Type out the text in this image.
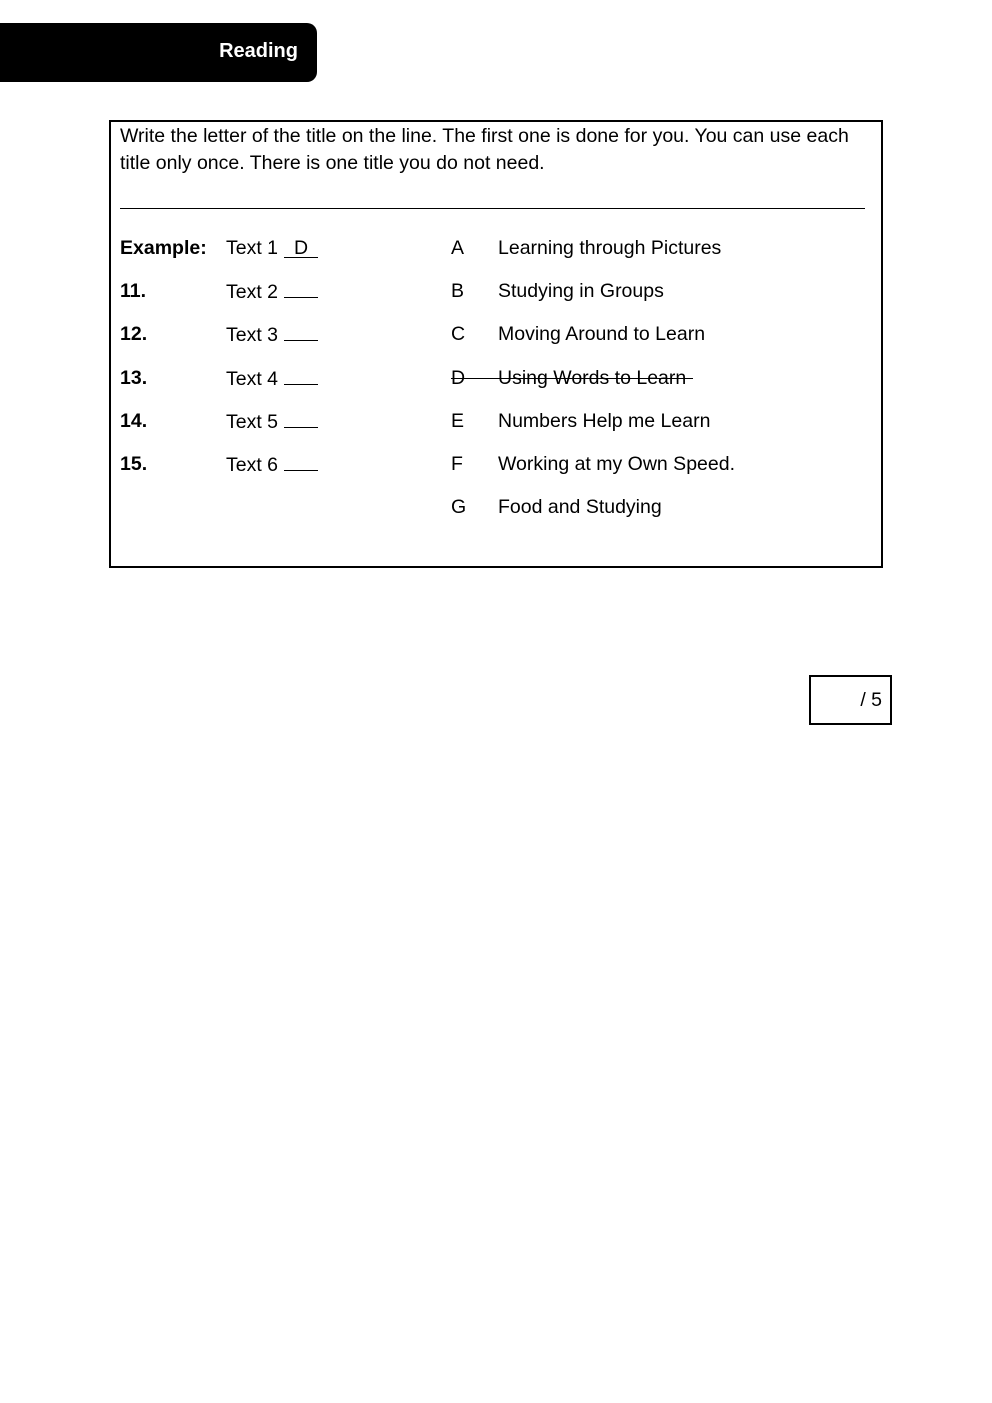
Reading
Write the letter of the title on the line. The first one is done for you. You can use each title only once. There is one title you do not need.
Example: Text 1 D
11.	Text 2
12.	Text 3
13.	Text 4
14.	Text 5
15.	Text 6
A Learning through Pictures
B Studying in Groups
C Moving Around to Learn
D Using Words to Learn
E Numbers Help me Learn
F Working at my Own Speed.
G Food and Studying
/ 5
